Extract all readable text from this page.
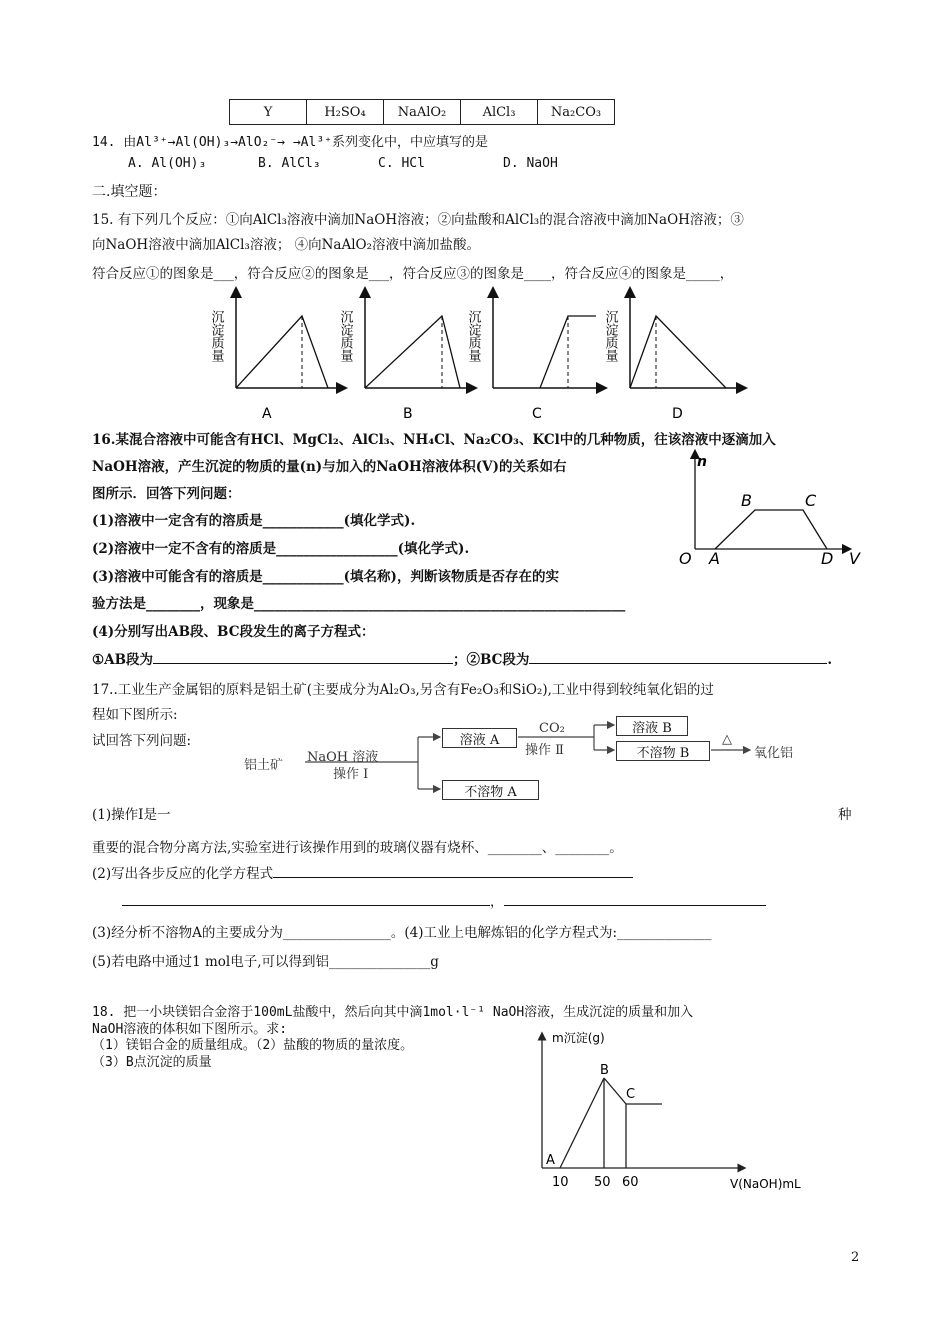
Y	H₂SO₄	NaAlO₂	AlCl₃	Na₂CO₃
14. 由Al³⁺→Al(OH)₃→AlO₂⁻→ →Al³⁺系列变化中，中应填写的是
A. Al(OH)₃	B. AlCl₃	C. HCl	D. NaOH
二.填空题：
15. 有下列几个反应：①向AlCl₃溶液中滴加NaOH溶液；②向盐酸和AlCl₃的混合溶液中滴加NaOH溶液；③
向NaOH溶液中滴加AlCl₃溶液； ④向NaAlO₂溶液中滴加盐酸。
符合反应①的图象是___，符合反应②的图象是___，符合反应③的图象是____，符合反应④的图象是_____，
沉淀质量
A
沉淀质量
B
沉淀质量
C
沉淀质量
D
16.某混合溶液中可能含有HCl、MgCl₂、AlCl₃、NH₄Cl、Na₂CO₃、KCl中的几种物质，往该溶液中逐滴加入
NaOH溶液，产生沉淀的物质的量(n)与加入的NaOH溶液体积(V)的关系如右
图所示．回答下列问题：
(1)溶液中一定含有的溶质是____________(填化学式).
(2)溶液中一定不含有的溶质是__________________(填化学式).
(3)溶液中可能含有的溶质是____________(填名称)，判断该物质是否存在的实
验方法是________，现象是_______________________________________________________
(4)分别写出AB段、BC段发生的离子方程式：
①AB段为	；②BC段为	.
n
O A
B	C
D V
17..工业生产金属铝的原料是铝土矿(主要成分为Al₂O₃,另含有Fe₂O₃和SiO₂),工业中得到较纯氧化铝的过
程如下图所示:
试回答下列问题:
铝土矿
NaOH 溶液
操作 Ⅰ
溶液 A
不溶物 A
CO₂
操作 Ⅱ
溶液 B
不溶物 B
△
氧化铝
(1)操作Ⅰ是一	种
重要的混合物分离方法,实验室进行该操作用到的玻璃仪器有烧杯、________、________。
(2)写出各步反应的化学方程式
，
(3)经分析不溶物A的主要成分为________________。(4)工业上电解炼铝的化学方程式为:______________
(5)若电路中通过1 mol电子,可以得到铝_______________g
18. 把一小块镁铝合金溶于100mL盐酸中，然后向其中滴1mol·l⁻¹ NaOH溶液，生成沉淀的质量和加入
NaOH溶液的体积如下图所示。求:
（1）镁铝合金的质量组成。（2）盐酸的物质的量浓度。
（3）B点沉淀的质量
m沉淀(g)
A
B
C
10 50 60	V(NaOH)mL
2
